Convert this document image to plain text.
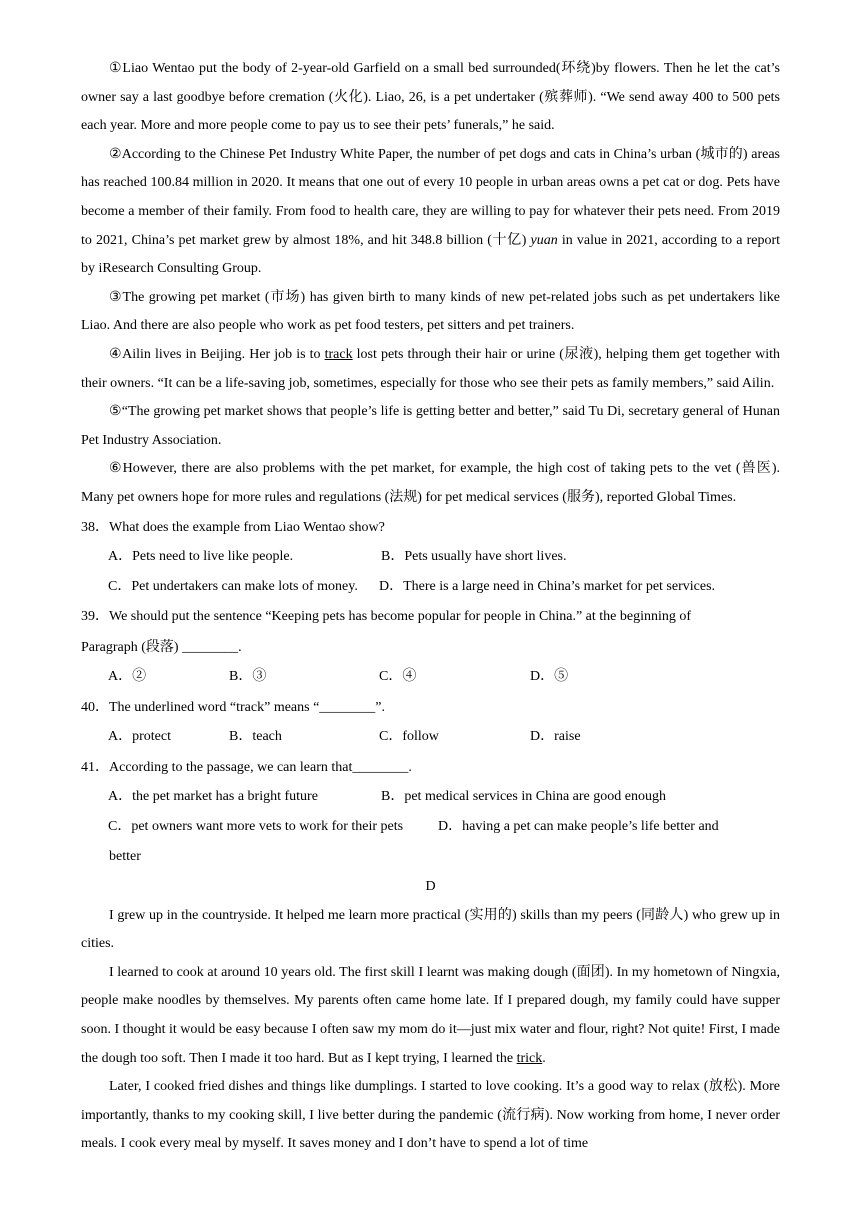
①Liao Wentao put the body of 2-year-old Garfield on a small bed surrounded(环绕)by flowers. Then he let the cat’s owner say a last goodbye before cremation (火化). Liao, 26, is a pet undertaker (殡葬师). “We send away 400 to 500 pets each year. More and more people come to pay us to see their pets’ funerals,” he said.

②According to the Chinese Pet Industry White Paper, the number of pet dogs and cats in China’s urban (城市的) areas has reached 100.84 million in 2020. It means that one out of every 10 people in urban areas owns a pet cat or dog. Pets have become a member of their family. From food to health care, they are willing to pay for whatever their pets need. From 2019 to 2021, China’s pet market grew by almost 18%, and hit 348.8 billion (十亿) yuan in value in 2021, according to a report by iResearch Consulting Group.

③The growing pet market (市场) has given birth to many kinds of new pet-related jobs such as pet undertakers like Liao. And there are also people who work as pet food testers, pet sitters and pet trainers.

④Ailin lives in Beijing. Her job is to track lost pets through their hair or urine (尿液), helping them get together with their owners. “It can be a life-saving job, sometimes, especially for those who see their pets as family members,” said Ailin.

⑤“The growing pet market shows that people’s life is getting better and better,” said Tu Di, secretary general of Hunan Pet Industry Association.

⑥However, there are also problems with the pet market, for example, the high cost of taking pets to the vet (兽医). Many pet owners hope for more rules and regulations (法规) for pet medical services (服务), reported Global Times.

38．What does the example from Liao Wentao show?

A．Pets need to live like people.	B．Pets usually have short lives.
C．Pet undertakers can make lots of money. D．There is a large need in China’s market for pet services.

39．We should put the sentence “Keeping pets has become popular for people in China.” at the beginning of

Paragraph (段落) ________.

A．②	B．③	C．④	D．⑤

40．The underlined word “track” means “________”.

A．protect	B．teach	C．follow	D．raise

41．According to the passage, we can learn that________.

A．the pet market has a bright future	B．pet medical services in China are good enough
C．pet owners want more vets to work for their pets D．having a pet can make people’s life better and

better

D

I grew up in the countryside. It helped me learn more practical (实用的) skills than my peers (同龄人) who grew up in cities.

I learned to cook at around 10 years old. The first skill I learnt was making dough (面团). In my hometown of Ningxia, people make noodles by themselves. My parents often came home late. If I prepared dough, my family could have supper soon. I thought it would be easy because I often saw my mom do it—just mix water and flour, right? Not quite! First, I made the dough too soft. Then I made it too hard. But as I kept trying, I learned the trick.

Later, I cooked fried dishes and things like dumplings. I started to love cooking. It’s a good way to relax (放松). More importantly, thanks to my cooking skill, I live better during the pandemic (流行病). Now working from home, I never order meals. I cook every meal by myself. It saves money and I don’t have to spend a lot of time
